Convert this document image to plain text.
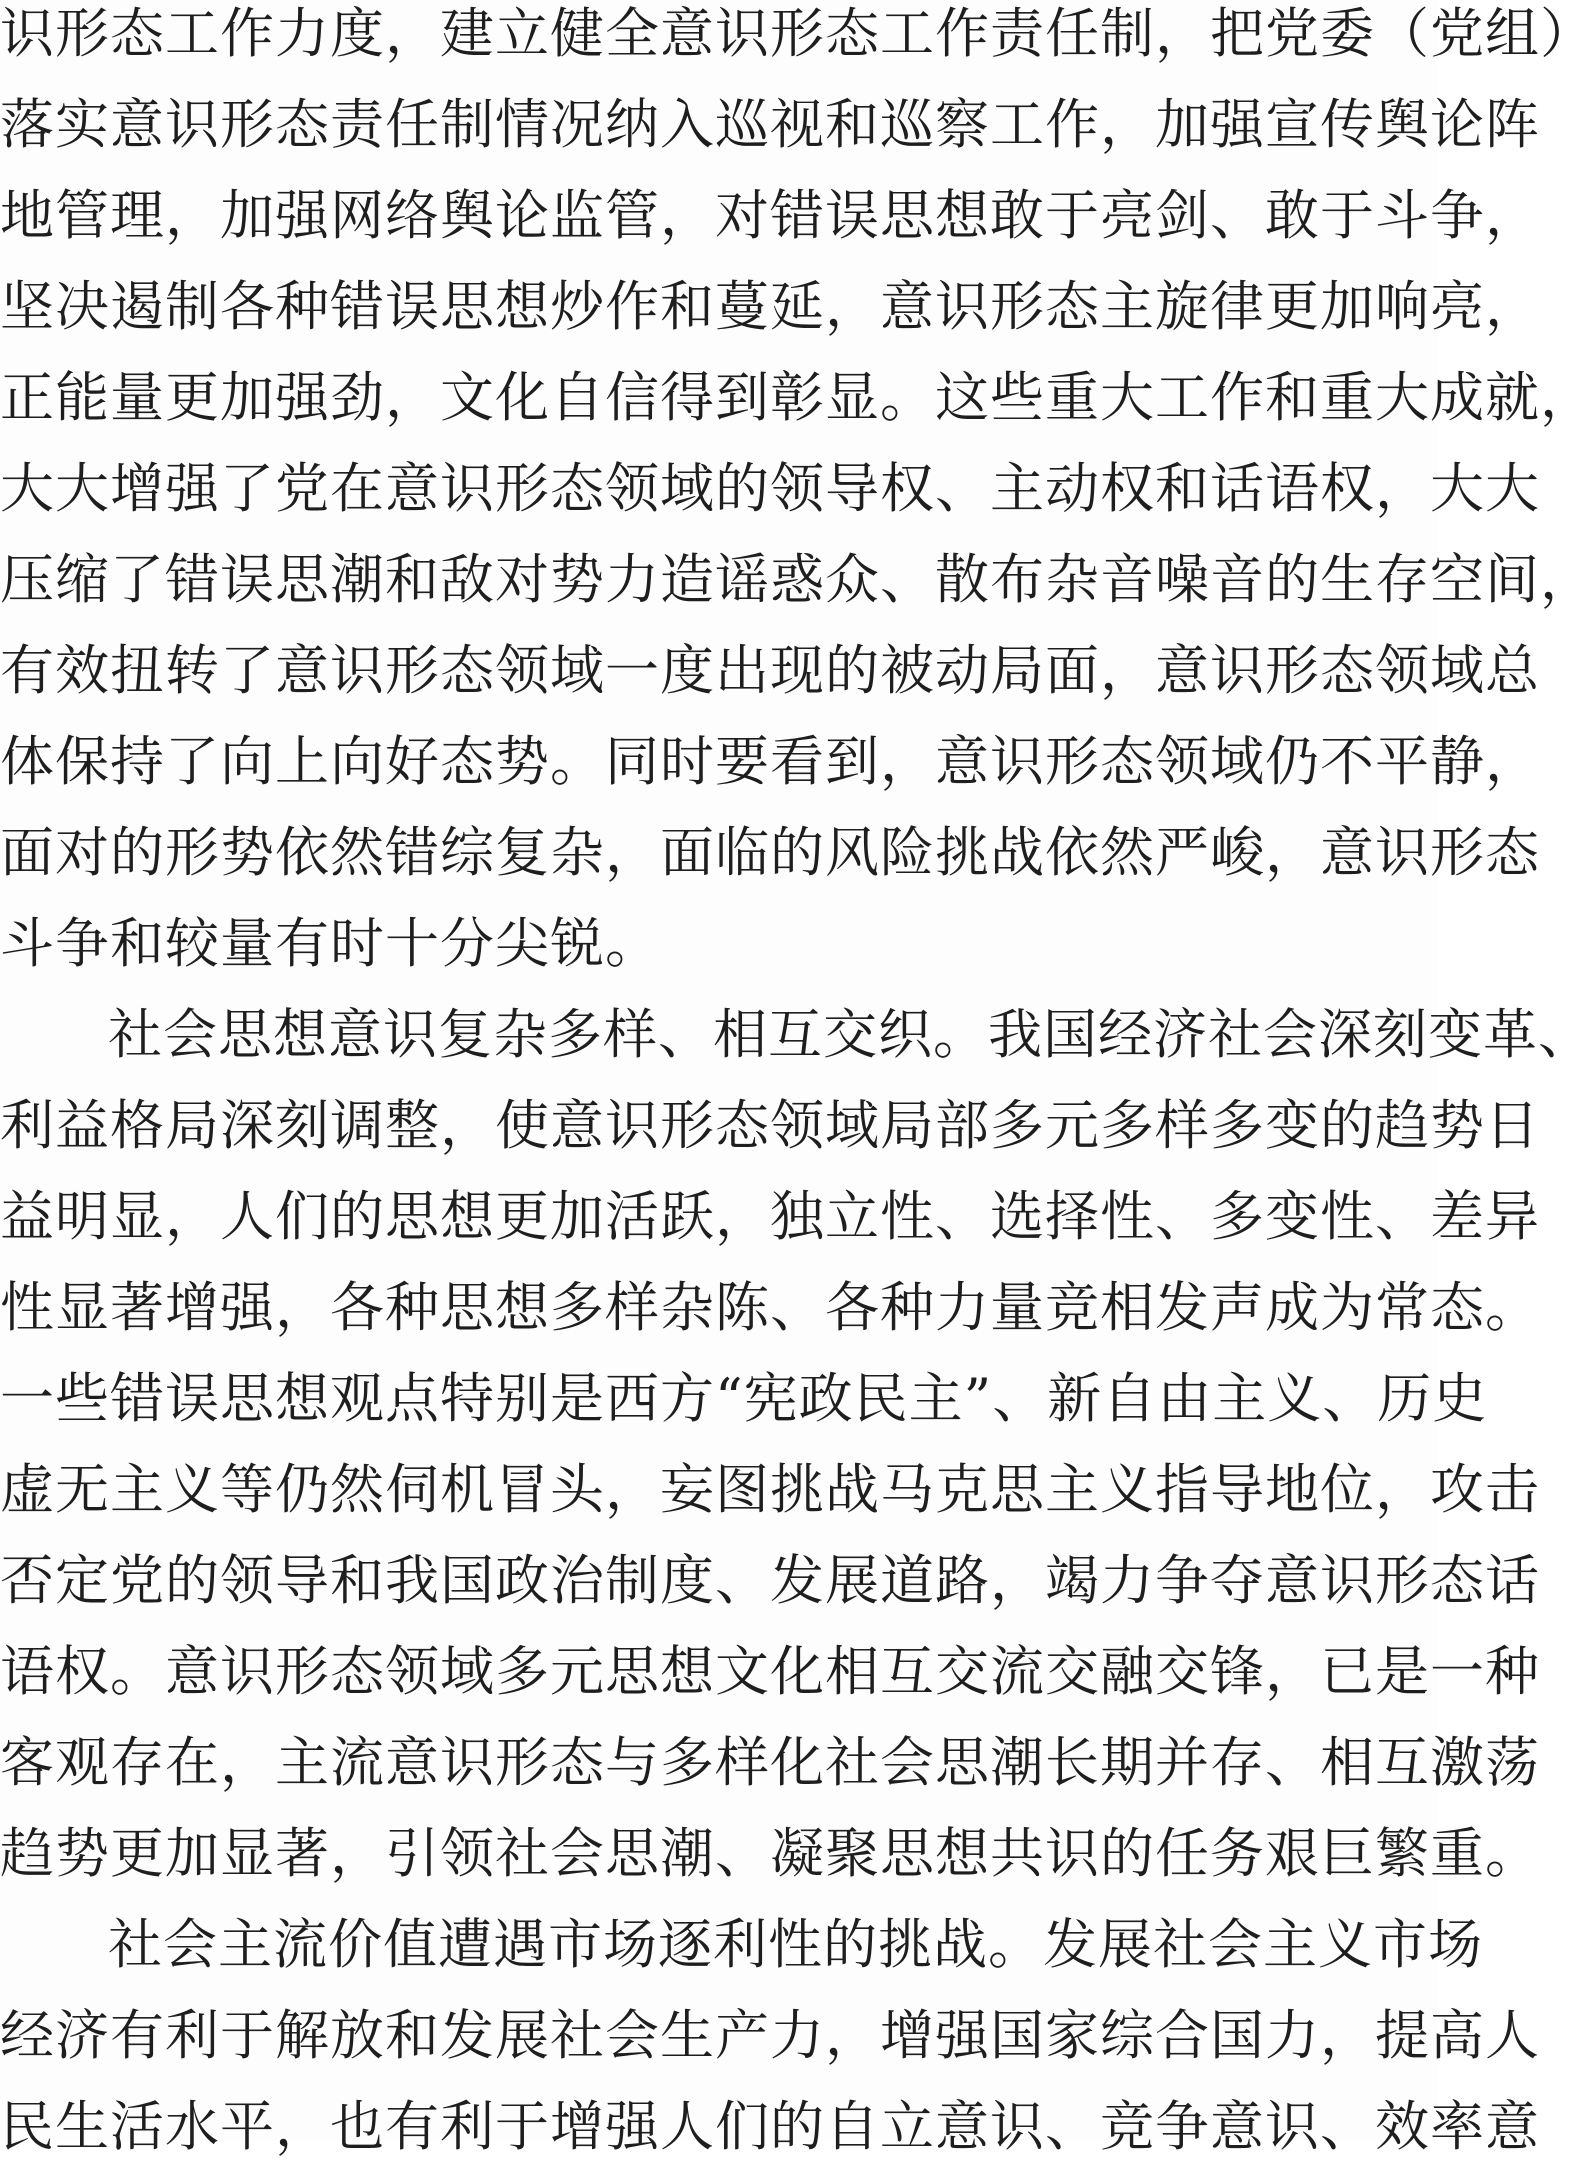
识形态工作力度，建立健全意识形态工作责任制，把党委（党组）
落实意识形态责任制情况纳入巡视和巡察工作，加强宣传舆论阵
地管理，加强网络舆论监管，对错误思想敢于亮剑、敢于斗争，
坚决遏制各种错误思想炒作和蔓延，意识形态主旋律更加响亮，
正能量更加强劲，文化自信得到彰显。这些重大工作和重大成就，
大大增强了党在意识形态领域的领导权、主动权和话语权，大大
压缩了错误思潮和敌对势力造谣惑众、散布杂音噪音的生存空间，
有效扭转了意识形态领域一度出现的被动局面，意识形态领域总
体保持了向上向好态势。同时要看到，意识形态领域仍不平静，
面对的形势依然错综复杂，面临的风险挑战依然严峻，意识形态
斗争和较量有时十分尖锐。
社会思想意识复杂多样、相互交织。我国经济社会深刻变革、
利益格局深刻调整，使意识形态领域局部多元多样多变的趋势日
益明显，人们的思想更加活跃，独立性、选择性、多变性、差异
性显著增强，各种思想多样杂陈、各种力量竞相发声成为常态。
一些错误思想观点特别是西方“宪政民主”、新自由主义、历史
虚无主义等仍然伺机冒头，妄图挑战马克思主义指导地位，攻击
否定党的领导和我国政治制度、发展道路，竭力争夺意识形态话
语权。意识形态领域多元思想文化相互交流交融交锋，已是一种
客观存在，主流意识形态与多样化社会思潮长期并存、相互激荡
趋势更加显著，引领社会思潮、凝聚思想共识的任务艰巨繁重。
社会主流价值遭遇市场逐利性的挑战。发展社会主义市场
经济有利于解放和发展社会生产力，增强国家综合国力，提高人
民生活水平，也有利于增强人们的自立意识、竞争意识、效率意
